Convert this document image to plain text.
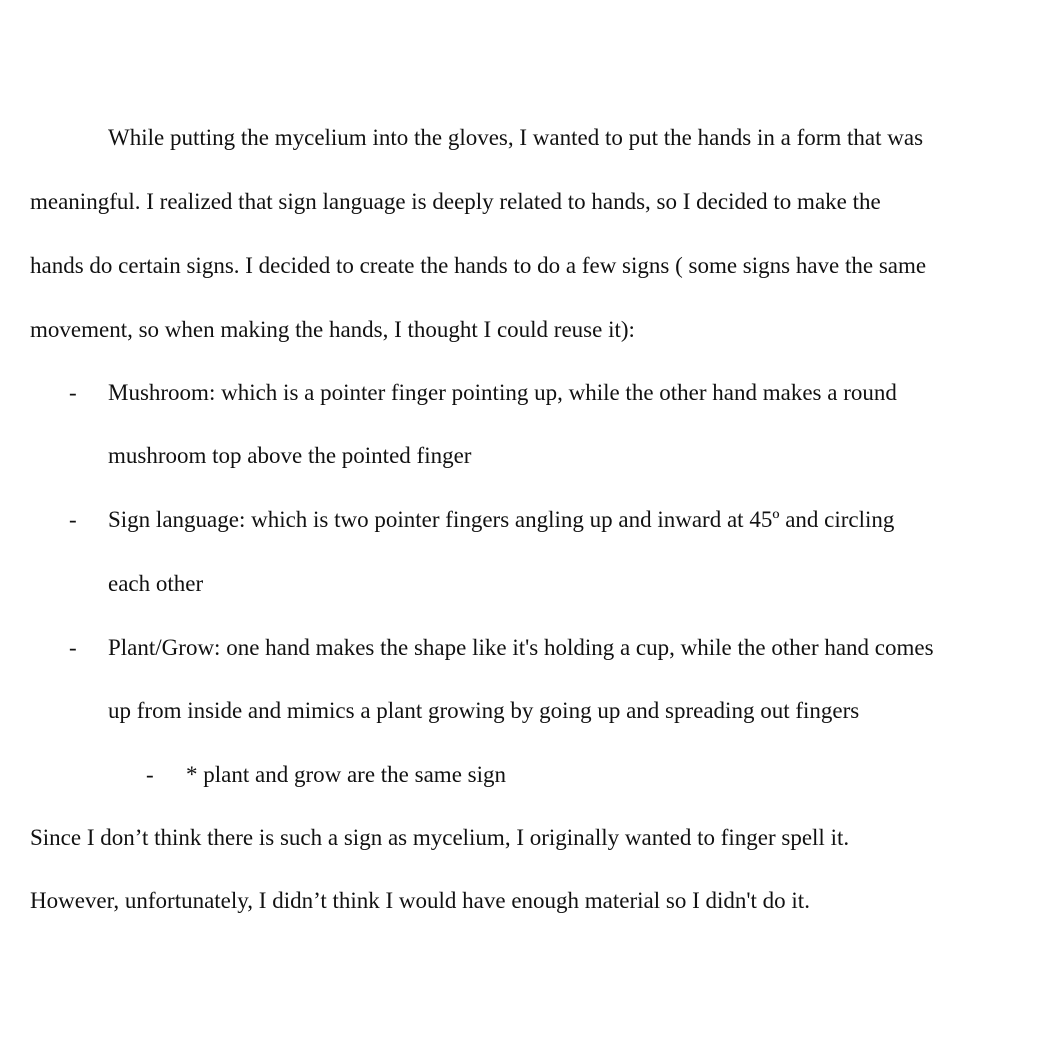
While putting the mycelium into the gloves, I wanted to put the hands in a form that was
meaningful. I realized that sign language is deeply related to hands, so I decided to make the
hands do certain signs. I decided to create the hands to do a few signs ( some signs have the same
movement, so when making the hands, I thought I could reuse it):
- Mushroom: which is a pointer finger pointing up, while the other hand makes a round
mushroom top above the pointed finger
- Sign language: which is two pointer fingers angling up and inward at 45º and circling
each other
- Plant/Grow: one hand makes the shape like it's holding a cup, while the other hand comes
up from inside and mimics a plant growing by going up and spreading out fingers
- * plant and grow are the same sign
Since I don’t think there is such a sign as mycelium, I originally wanted to finger spell it.
However, unfortunately, I didn’t think I would have enough material so I didn't do it.
